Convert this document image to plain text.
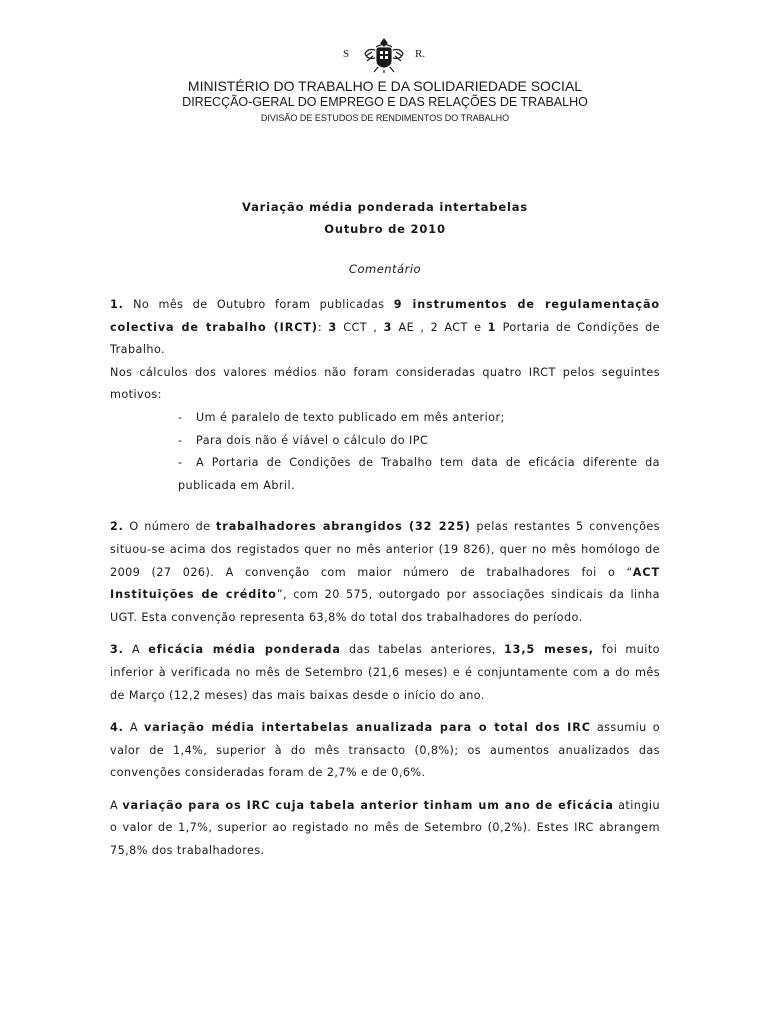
S	R.
MINISTÉRIO DO TRABALHO E DA SOLIDARIEDADE SOCIAL
DIRECÇÃO-GERAL DO EMPREGO E DAS RELAÇÕES DE TRABALHO
DIVISÃO DE ESTUDOS DE RENDIMENTOS DO TRABALHO
Variação média ponderada intertabelas
Outubro de 2010
Comentário

1. No mês de Outubro foram publicadas 9 instrumentos de regulamentação colectiva de trabalho (IRCT): 3 CCT , 3 AE , 2 ACT e 1 Portaria de Condições de Trabalho.

Nos cálculos dos valores médios não foram consideradas quatro IRCT pelos seguintes motivos:

- Um é paralelo de texto publicado em mês anterior;
- Para dois não é viável o cálculo do IPC
- A Portaria de Condições de Trabalho tem data de eficácia diferente da publicada em Abril.

2. O número de trabalhadores abrangidos (32 225) pelas restantes 5 convenções situou-se acima dos registados quer no mês anterior (19 826), quer no mês homólogo de 2009 (27 026). A convenção com maior número de trabalhadores foi o “ACT Instituições de crédito”, com 20 575, outorgado por associações sindicais da linha UGT. Esta convenção representa 63,8% do total dos trabalhadores do período.

3. A eficácia média ponderada das tabelas anteriores, 13,5 meses, foi muito inferior à verificada no mês de Setembro (21,6 meses) e é conjuntamente com a do mês de Março (12,2 meses) das mais baixas desde o início do ano.

4. A variação média intertabelas anualizada para o total dos IRC assumiu o valor de 1,4%, superior à do mês transacto (0,8%); os aumentos anualizados das convenções consideradas foram de 2,7% e de 0,6%.

A variação para os IRC cuja tabela anterior tinham um ano de eficácia atingiu o valor de 1,7%, superior ao registado no mês de Setembro (0,2%). Estes IRC abrangem 75,8% dos trabalhadores.
